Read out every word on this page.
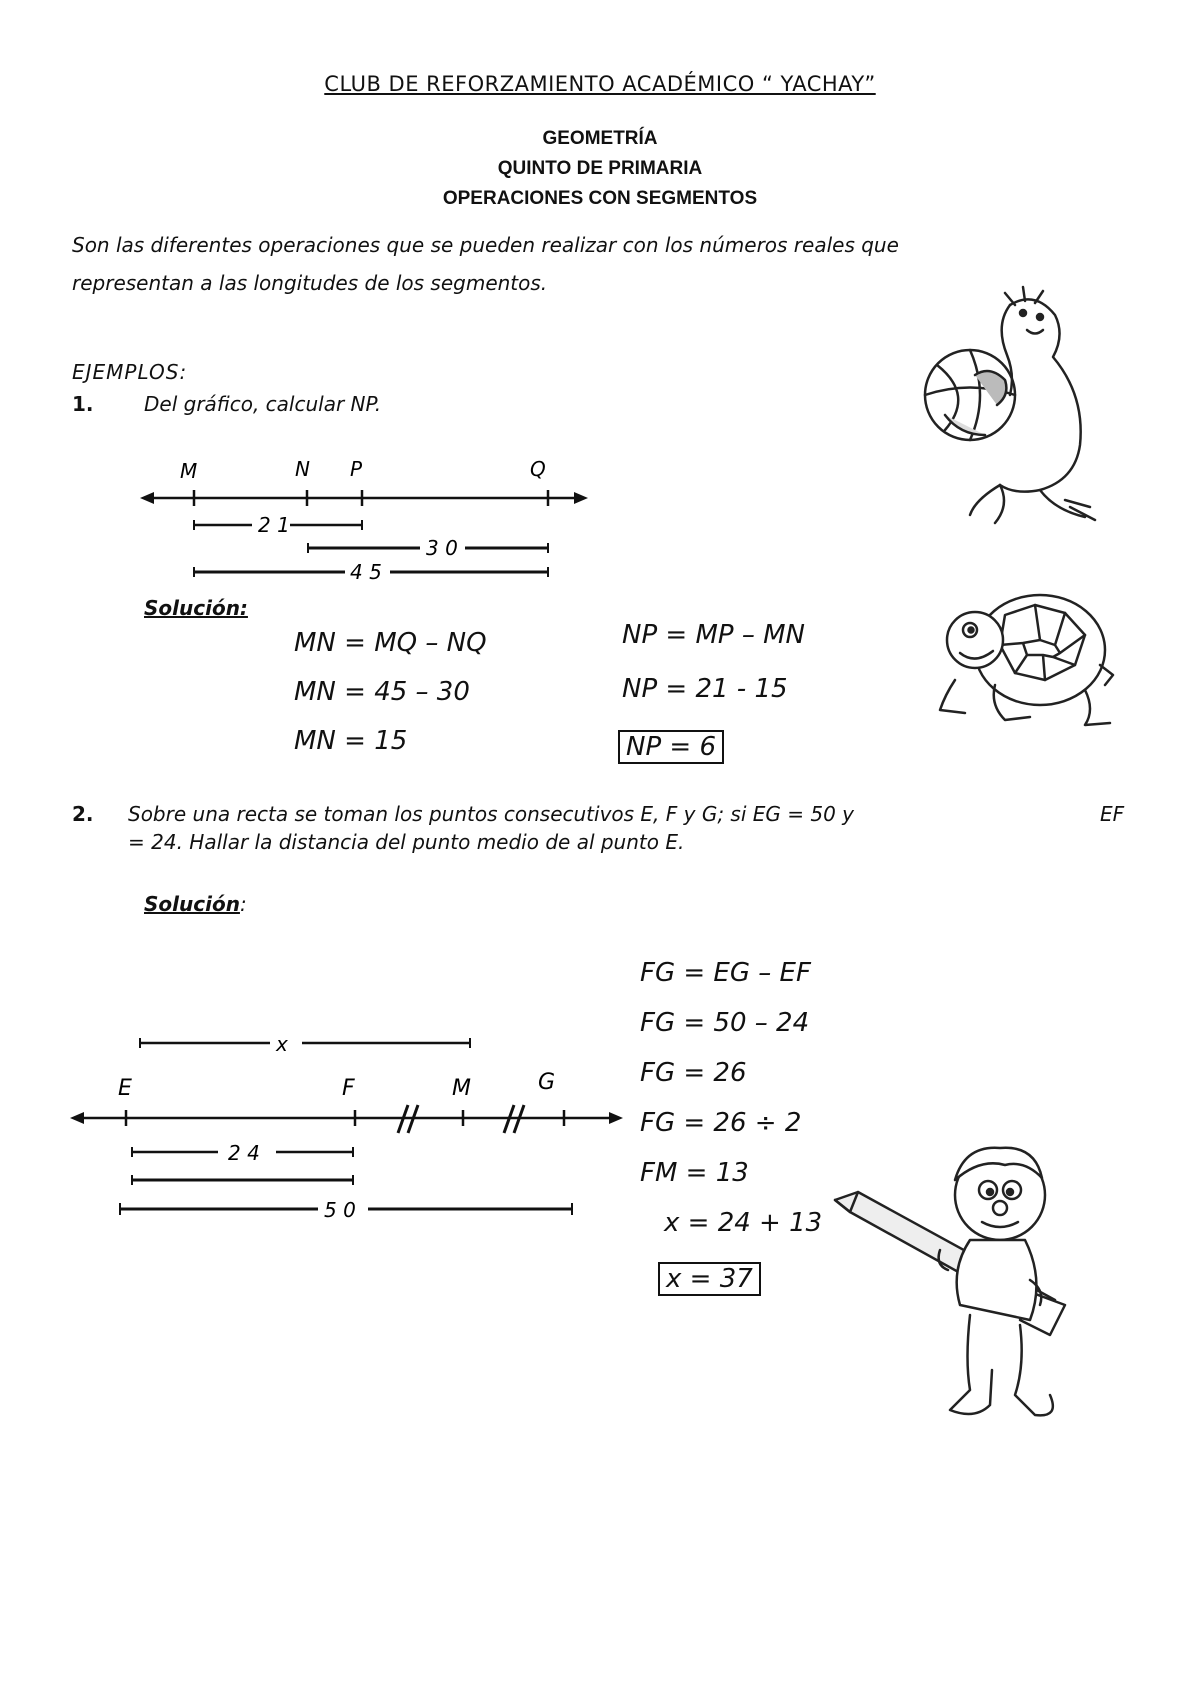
CLUB DE REFORZAMIENTO ACADÉMICO “ YACHAY”
GEOMETRÍA
QUINTO DE PRIMARIA
OPERACIONES CON SEGMENTOS
Son las diferentes operaciones que se pueden realizar con los números reales que
representan a las longitudes de los segmentos.
EJEMPLOS:
1.	Del gráfico, calcular NP.
M	N P	Q
2 1
3 0
4 5
Solución:
MN = MQ – NQ
MN = 45 – 30
MN = 15
NP = MP – MN
NP = 21 - 15
NP = 6
2. Sobre una recta se toman los puntos consecutivos E, F y G; si EG = 50 y	EF
= 24. Hallar la distancia del punto medio de al punto E.
Solución:
x
E	F	M	G
2 4
5 0
FG = EG – EF
FG = 50 – 24
FG = 26
FG = 26 ÷ 2
FM = 13
x = 24 + 13
x = 37
